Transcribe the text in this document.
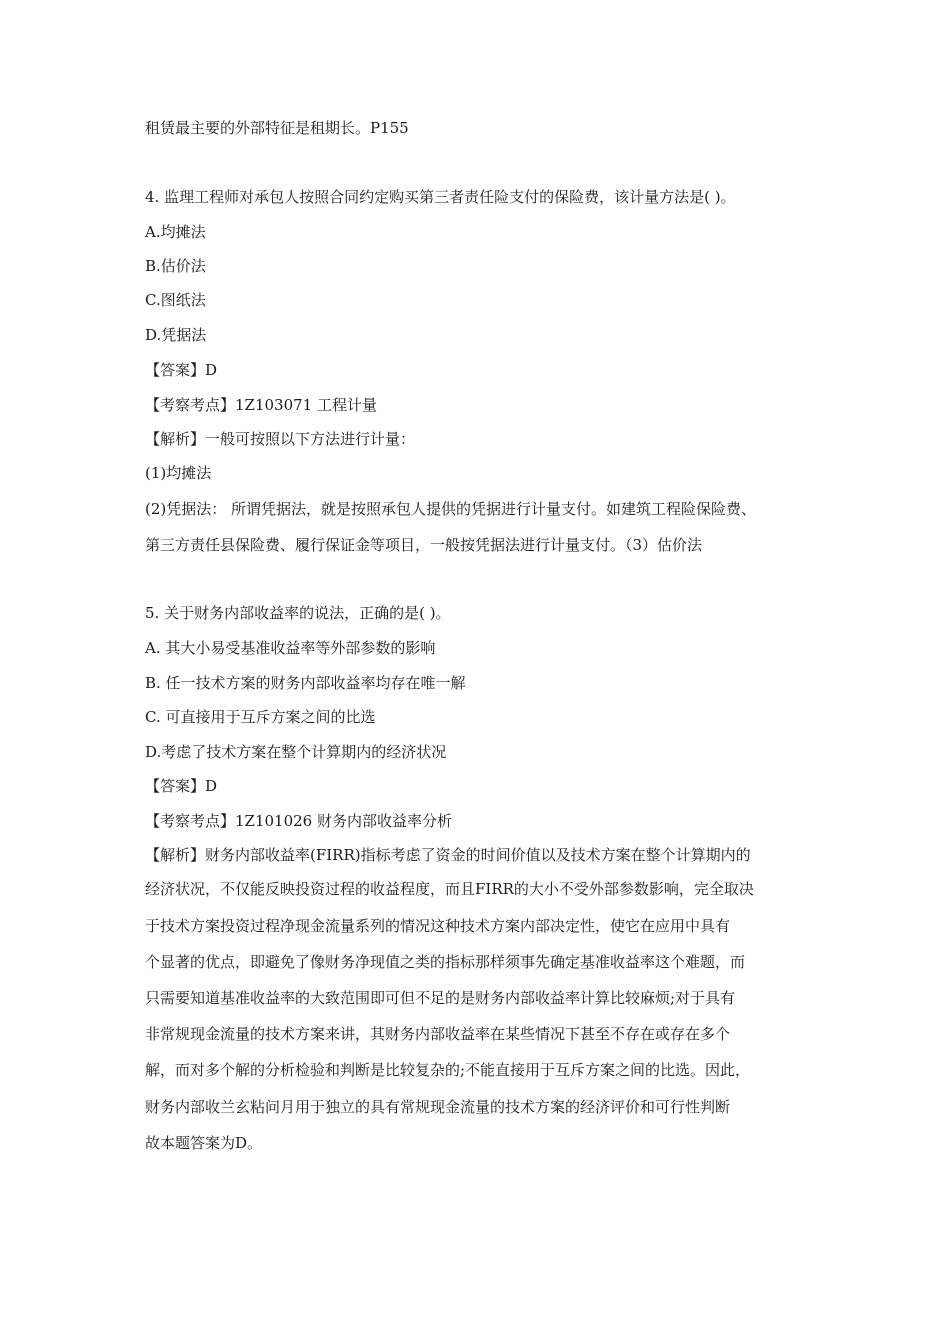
租赁最主要的外部特征是租期长。P155
4. 监理工程师对承包人按照合同约定购买第三者责任险支付的保险费，该计量方法是( )。
A.均摊法
B.估价法
C.图纸法
D.凭据法
【答案】D
【考察考点】1Z103071 工程计量
【解析】一般可按照以下方法进行计量：
(1)均摊法
(2)凭据法： 所谓凭据法，就是按照承包人提供的凭据进行计量支付。如建筑工程险保险费、
第三方责任县保险费、履行保证金等项目，一般按凭据法进行计量支付。（3）估价法
5. 关于财务内部收益率的说法，正确的是( )。
A. 其大小易受基准收益率等外部参数的影响
B. 任一技术方案的财务内部收益率均存在唯一解
C. 可直接用于互斥方案之间的比选
D.考虑了技术方案在整个计算期内的经济状况
【答案】D
【考察考点】1Z101026 财务内部收益率分析
【解析】财务内部收益率(FIRR)指标考虑了资金的时间价值以及技术方案在整个计算期内的
经济状况，不仅能反映投资过程的收益程度，而且FIRR的大小不受外部参数影响，完全取决
于技术方案投资过程净现金流量系列的情况这种技术方案内部决定性，使它在应用中具有
个显著的优点，即避免了像财务净现值之类的指标那样须事先确定基准收益率这个难题，而
只需要知道基准收益率的大致范围即可但不足的是财务内部收益率计算比较麻烦;对于具有
非常规现金流量的技术方案来讲，其财务内部收益率在某些情况下甚至不存在或存在多个
解，而对多个解的分析检验和判断是比较复杂的;不能直接用于互斥方案之间的比选。因此，
财务内部收兰玄粘问月用于独立的具有常规现金流量的技术方案的经济评价和可行性判断
故本题答案为D。
